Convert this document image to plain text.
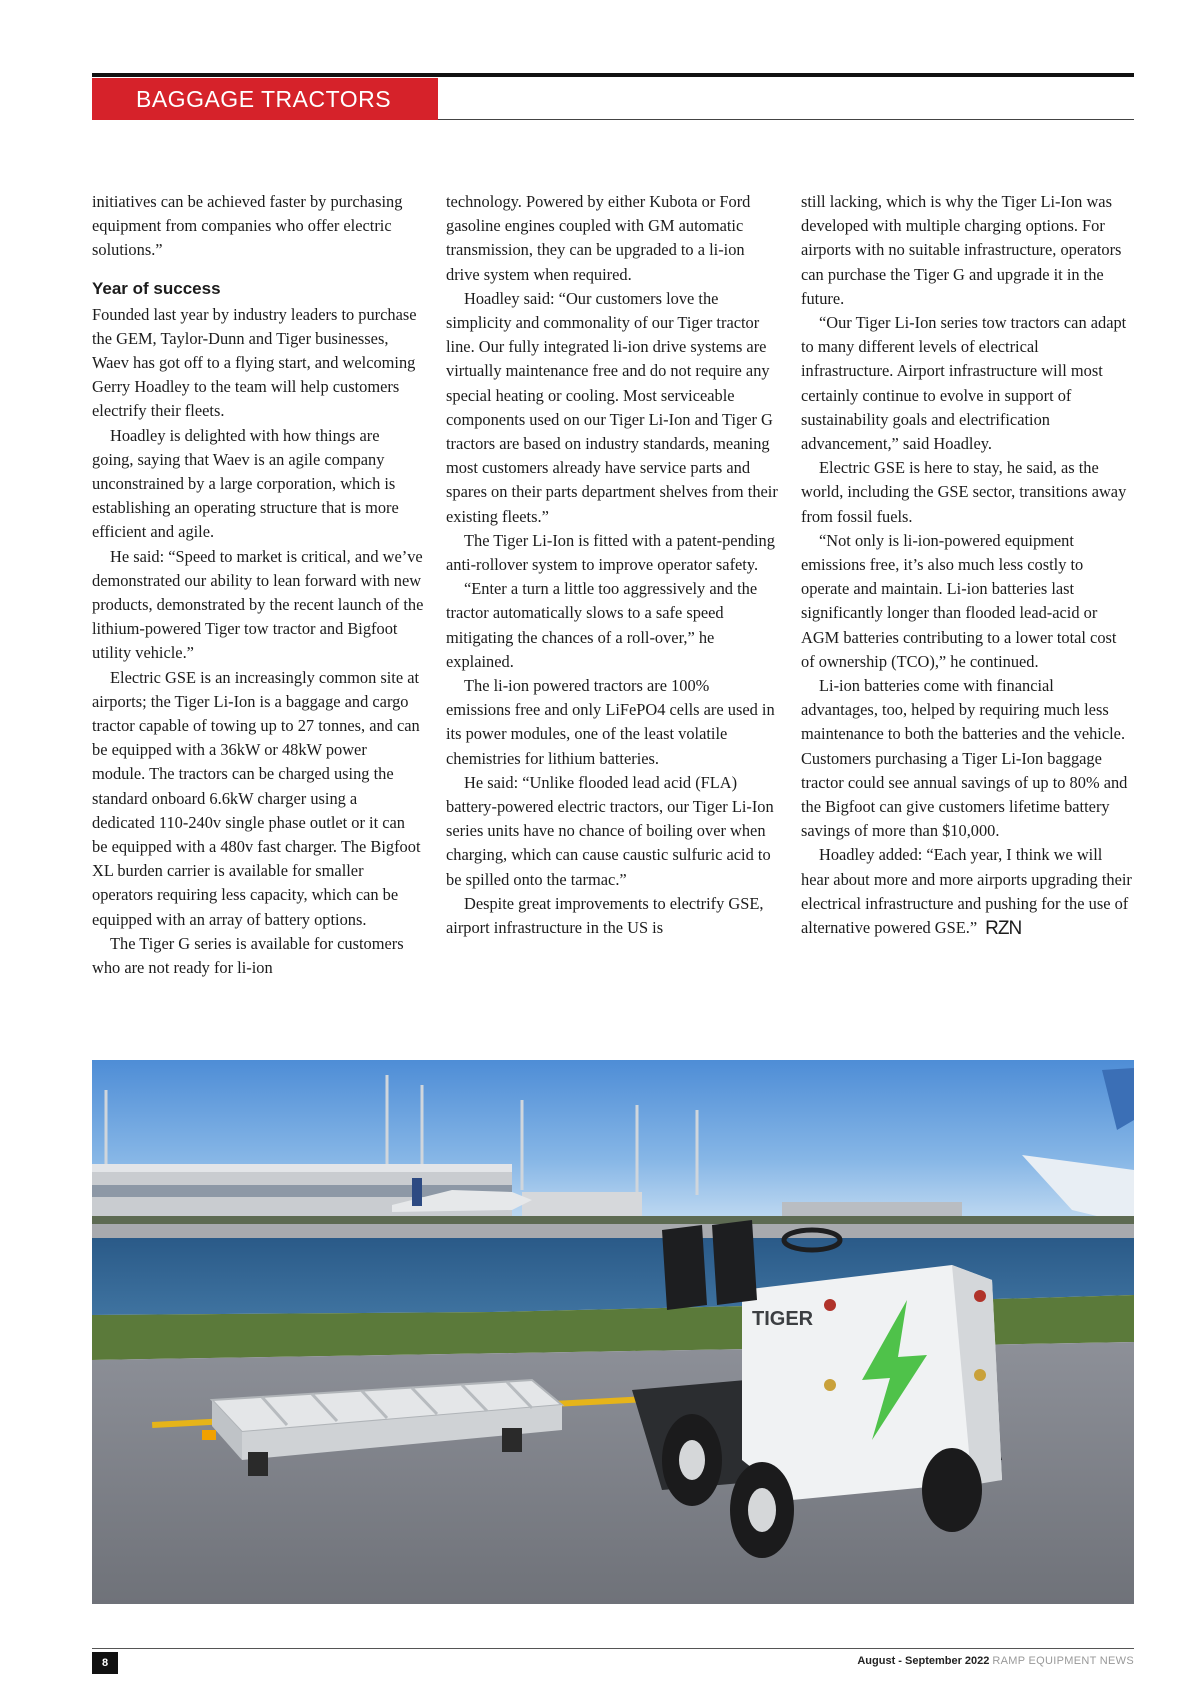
BAGGAGE TRACTORS

initiatives can be achieved faster by purchasing equipment from companies who offer electric solutions.”

Year of success

Founded last year by industry leaders to purchase the GEM, Taylor-Dunn and Tiger businesses, Waev has got off to a flying start, and welcoming Gerry Hoadley to the team will help customers electrify their fleets.

Hoadley is delighted with how things are going, saying that Waev is an agile company unconstrained by a large corporation, which is establishing an operating structure that is more efficient and agile.

He said: “Speed to market is critical, and we’ve demonstrated our ability to lean forward with new products, demonstrated by the recent launch of the lithium-powered Tiger tow tractor and Bigfoot utility vehicle.”

Electric GSE is an increasingly common site at airports; the Tiger Li-Ion is a baggage and cargo tractor capable of towing up to 27 tonnes, and can be equipped with a 36kW or 48kW power module. The tractors can be charged using the standard onboard 6.6kW charger using a dedicated 110-240v single phase outlet or it can be equipped with a 480v fast charger. The Bigfoot XL burden carrier is available for smaller operators requiring less capacity, which can be equipped with an array of battery options.

The Tiger G series is available for customers who are not ready for li-ion

technology. Powered by either Kubota or Ford gasoline engines coupled with GM automatic transmission, they can be upgraded to a li-ion drive system when required.

Hoadley said: “Our customers love the simplicity and commonality of our Tiger tractor line. Our fully integrated li-ion drive systems are virtually maintenance free and do not require any special heating or cooling. Most serviceable components used on our Tiger Li-Ion and Tiger G tractors are based on industry standards, meaning most customers already have service parts and spares on their parts department shelves from their existing fleets.”

The Tiger Li-Ion is fitted with a patent-pending anti-rollover system to improve operator safety.

“Enter a turn a little too aggressively and the tractor automatically slows to a safe speed mitigating the chances of a roll-over,” he explained.

The li-ion powered tractors are 100% emissions free and only LiFePO4 cells are used in its power modules, one of the least volatile chemistries for lithium batteries.

He said: “Unlike flooded lead acid (FLA) battery-powered electric tractors, our Tiger Li-Ion series units have no chance of boiling over when charging, which can cause caustic sulfuric acid to be spilled onto the tarmac.”

Despite great improvements to electrify GSE, airport infrastructure in the US is

still lacking, which is why the Tiger Li-Ion was developed with multiple charging options. For airports with no suitable infrastructure, operators can purchase the Tiger G and upgrade it in the future.

“Our Tiger Li-Ion series tow tractors can adapt to many different levels of electrical infrastructure. Airport infrastructure will most certainly continue to evolve in support of sustainability goals and electrification advancement,” said Hoadley.

Electric GSE is here to stay, he said, as the world, including the GSE sector, transitions away from fossil fuels.

“Not only is li-ion-powered equipment emissions free, it’s also much less costly to operate and maintain. Li-ion batteries last significantly longer than flooded lead-acid or AGM batteries contributing to a lower total cost of ownership (TCO),” he continued.

Li-ion batteries come with financial advantages, too, helped by requiring much less maintenance to both the batteries and the vehicle. Customers purchasing a Tiger Li-Ion baggage tractor could see annual savings of up to 80% and the Bigfoot can give customers lifetime battery savings of more than $10,000.

Hoadley added: “Each year, I think we will hear about more and more airports upgrading their electrical infrastructure and pushing for the use of alternative powered GSE.” RZN

TIGER
8	August - September 2022 RAMP EQUIPMENT NEWS
